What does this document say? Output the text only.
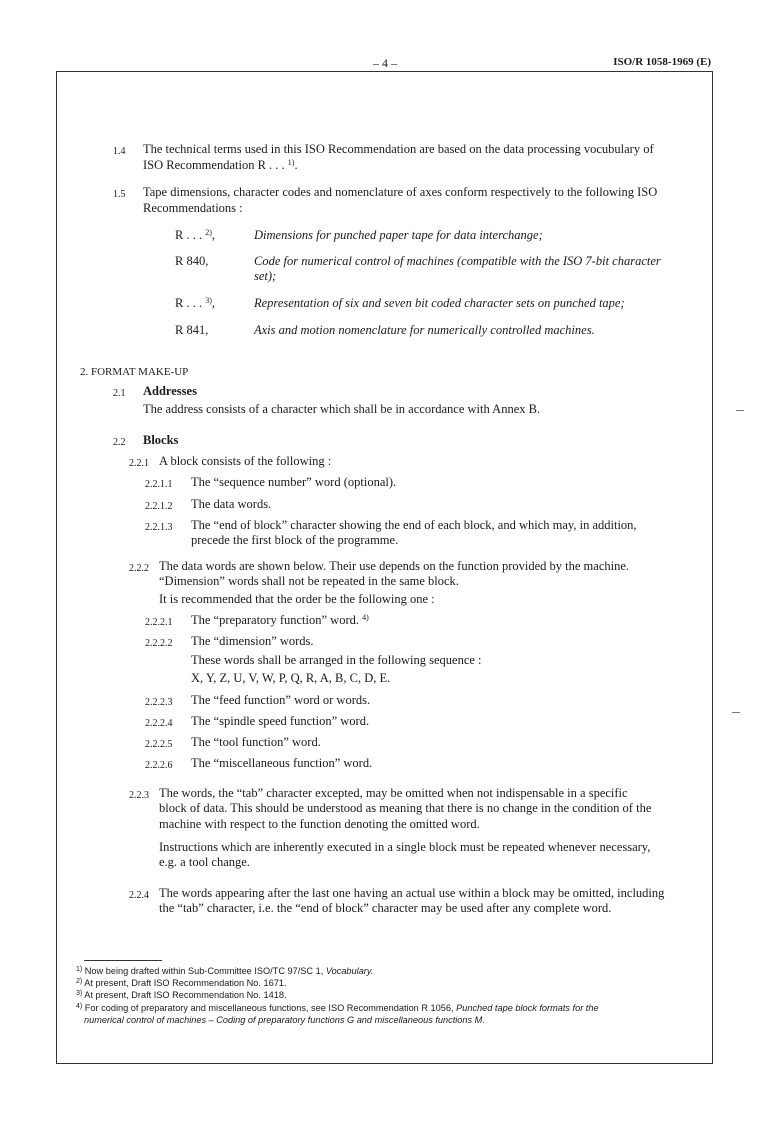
– 4 –	ISO/R 1058-1969 (E)
1.4 The technical terms used in this ISO Recommendation are based on the data processing vocubulary of
ISO Recommendation R . . . $^{1)}$.
1.5 Tape dimensions, character codes and nomenclature of axes conform respectively to the following ISO
Recommendations :
R . . . $^{2)}$,	Dimensions for punched paper tape for data interchange;
R 840,	Code for numerical control of machines (compatible with the ISO 7-bit character
set);
R . . . $^{3)}$,	Representation of six and seven bit coded character sets on punched tape;
R 841,	Axis and motion nomenclature for numerically controlled machines.
2. FORMAT MAKE-UP
2.1 Addresses
The address consists of a character which shall be in accordance with Annex B.
2.2 Blocks
2.2.1 A block consists of the following :
2.2.1.1 The “sequence number” word (optional).
2.2.1.2 The data words.
2.2.1.3 The “end of block” character showing the end of each block, and which may, in addition,
precede the first block of the programme.
2.2.2 The data words are shown below. Their use depends on the function provided by the machine.
“Dimension” words shall not be repeated in the same block.
It is recommended that the order be the following one :
2.2.2.1 The “preparatory function” word. $^{4)}$
2.2.2.2 The “dimension” words.
These words shall be arranged in the following sequence :
X, Y, Z, U, V, W, P, Q, R, A, B, C, D, E.
2.2.2.3 The “feed function” word or words.
2.2.2.4 The “spindle speed function” word.
2.2.2.5 The “tool function” word.
2.2.2.6 The “miscellaneous function” word.
2.2.3 The words, the “tab” character excepted, may be omitted when not indispensable in a specific
block of data. This should be understood as meaning that there is no change in the condition of the
machine with respect to the function denoting the omitted word.
Instructions which are inherently executed in a single block must be repeated whenever necessary,
e.g. a tool change.
2.2.4 The words appearing after the last one having an actual use within a block may be omitted, including
the “tab” character, i.e. the “end of block” character may be used after any complete word.
$^{1)}$ Now being drafted within Sub-Committee ISO/TC 97/SC 1, Vocabulary.
$^{2)}$ At present, Draft ISO Recommendation No. 1671.
$^{3)}$ At present, Draft ISO Recommendation No. 1418.
$^{4)}$ For coding of preparatory and miscellaneous functions, see ISO Recommendation R 1056, Punched tape block formats for the
numerical control of machines – Coding of preparatory functions G and miscellaneous functions M.
